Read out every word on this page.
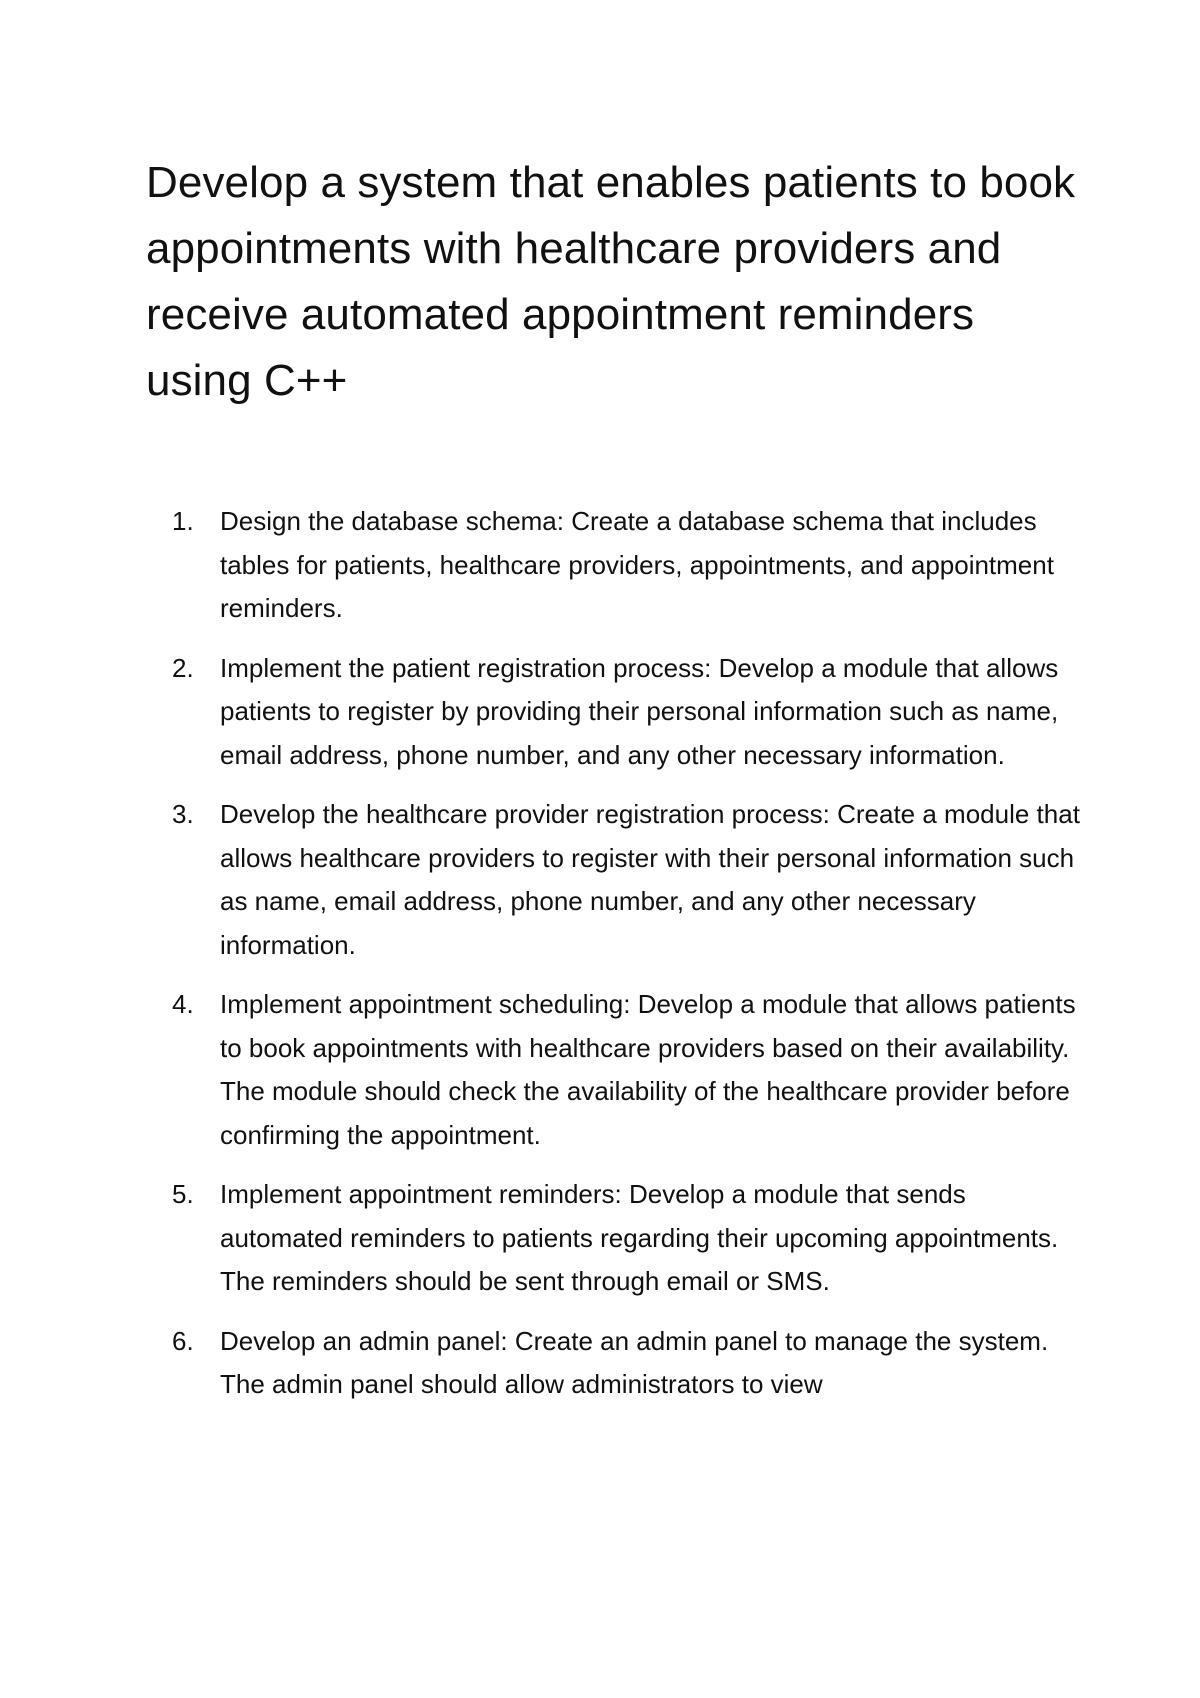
Develop a system that enables patients to book appointments with healthcare providers and receive automated appointment reminders using C++
1. Design the database schema: Create a database schema that includes tables for patients, healthcare providers, appointments, and appointment reminders.
2. Implement the patient registration process: Develop a module that allows patients to register by providing their personal information such as name, email address, phone number, and any other necessary information.
3. Develop the healthcare provider registration process: Create a module that allows healthcare providers to register with their personal information such as name, email address, phone number, and any other necessary information.
4. Implement appointment scheduling: Develop a module that allows patients to book appointments with healthcare providers based on their availability. The module should check the availability of the healthcare provider before confirming the appointment.
5. Implement appointment reminders: Develop a module that sends automated reminders to patients regarding their upcoming appointments. The reminders should be sent through email or SMS.
6. Develop an admin panel: Create an admin panel to manage the system. The admin panel should allow administrators to view
